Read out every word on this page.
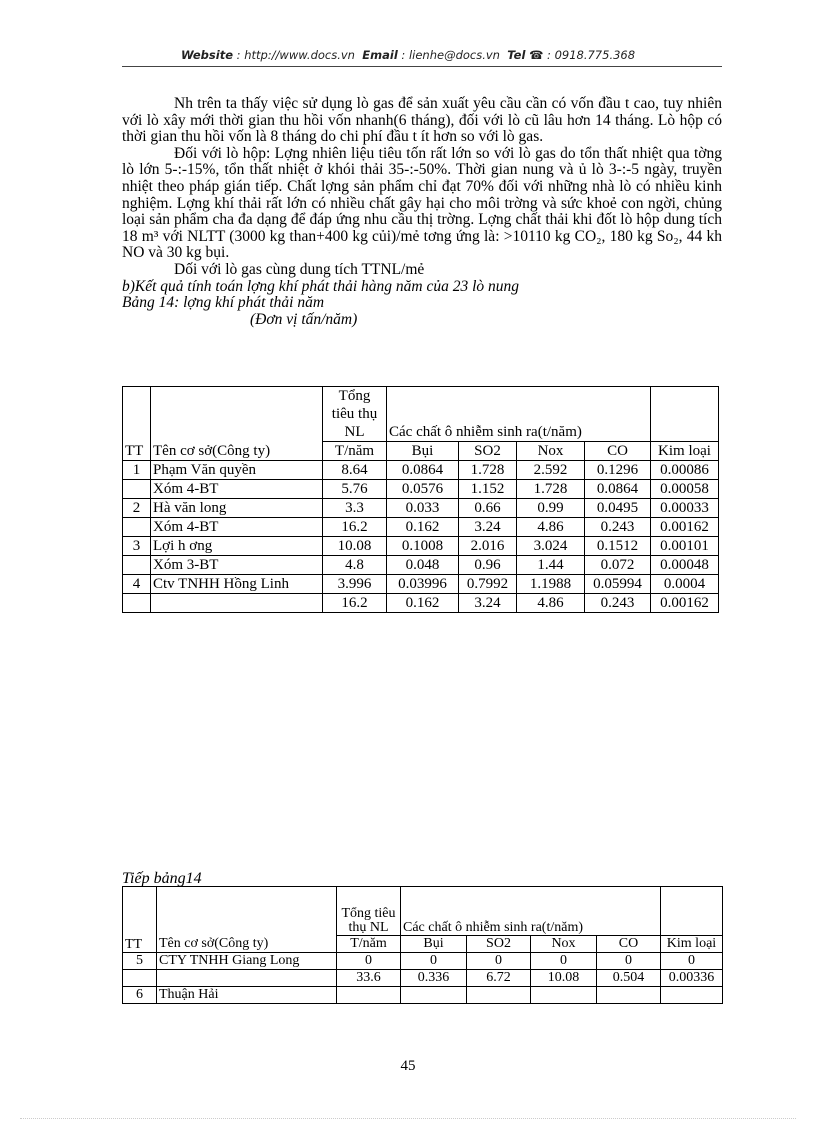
Website : http://www.docs.vn Email : lienhe@docs.vn Tel ☎ : 0918.775.368

Nh trên ta thấy việc sử dụng lò gas để sản xuất yêu cầu cần có vốn đầu t cao, tuy nhiên với lò xây mới thời gian thu hồi vốn nhanh(6 tháng), đối với lò cũ lâu hơn 14 tháng. Lò hộp có thời gian thu hồi vốn là 8 tháng do chi phí đầu t ít hơn so với lò gas.

Đối với lò hộp: Lợng nhiên liệu tiêu tốn rất lớn so với lò gas do tổn thất nhiệt qua tờng lò lớn 5-:-15%, tổn thất nhiệt ở khói thải 35-:-50%. Thời gian nung và ủ lò 3-:-5 ngày, truyền nhiệt theo pháp gián tiếp. Chất lợng sản phẩm chỉ đạt 70% đối với những nhà lò có nhiều kinh nghiệm. Lợng khí thải rất lớn có nhiều chất gây hại cho môi trờng và sức khoẻ con ngời, chủng loại sản phẩm cha đa dạng để đáp ứng nhu cầu thị trờng. Lợng chất thải khi đốt lò hộp dung tích 18 m³ với NLTT (3000 kg than+400 kg củi)/mẻ tơng ứng là: >10110 kg CO₂, 180 kg So₂, 44 kh NO và 30 kg bụi.

Dối với lò gas cùng dung tích TTNL/mẻ

b)Kết quả tính toán lợng khí phát thải hàng năm của 23 lò nung

Bảng 14: lợng khí phát thải năm

(Đơn vị tấn/năm)
TT		Tổng tiêu thụ NL	Các chất ô nhiễm sinh ra(t/năm)				
	Tên cơ sở(Công ty)	T/năm	Bụi	SO2	Nox	CO	Kim loại
1	Phạm Văn quyền	8.64	0.0864	1.728	2.592	0.1296	0.00086
	Xóm 4-BT	5.76	0.0576	1.152	1.728	0.0864	0.00058
2	Hà văn long	3.3	0.033	0.66	0.99	0.0495	0.00033
	Xóm 4-BT	16.2	0.162	3.24	4.86	0.243	0.00162
3	Lợi h ơng	10.08	0.1008	2.016	3.024	0.1512	0.00101
	Xóm 3-BT	4.8	0.048	0.96	1.44	0.072	0.00048
4	Ctv TNHH Hồng Linh	3.996	0.03996	0.7992	1.1988	0.05994	0.0004
		16.2	0.162	3.24	4.86	0.243	0.00162
Tiếp bảng14
TT		Tổng tiêu thụ NL	Các chất ô nhiễm sinh ra(t/năm)				
	Tên cơ sở(Công ty)	T/năm	Bụi	SO2	Nox	CO	Kim loại
5	CTY TNHH Giang Long	0	0	0	0	0	0
		33.6	0.336	6.72	10.08	0.504	0.00336
6	Thuận Hải						
45
